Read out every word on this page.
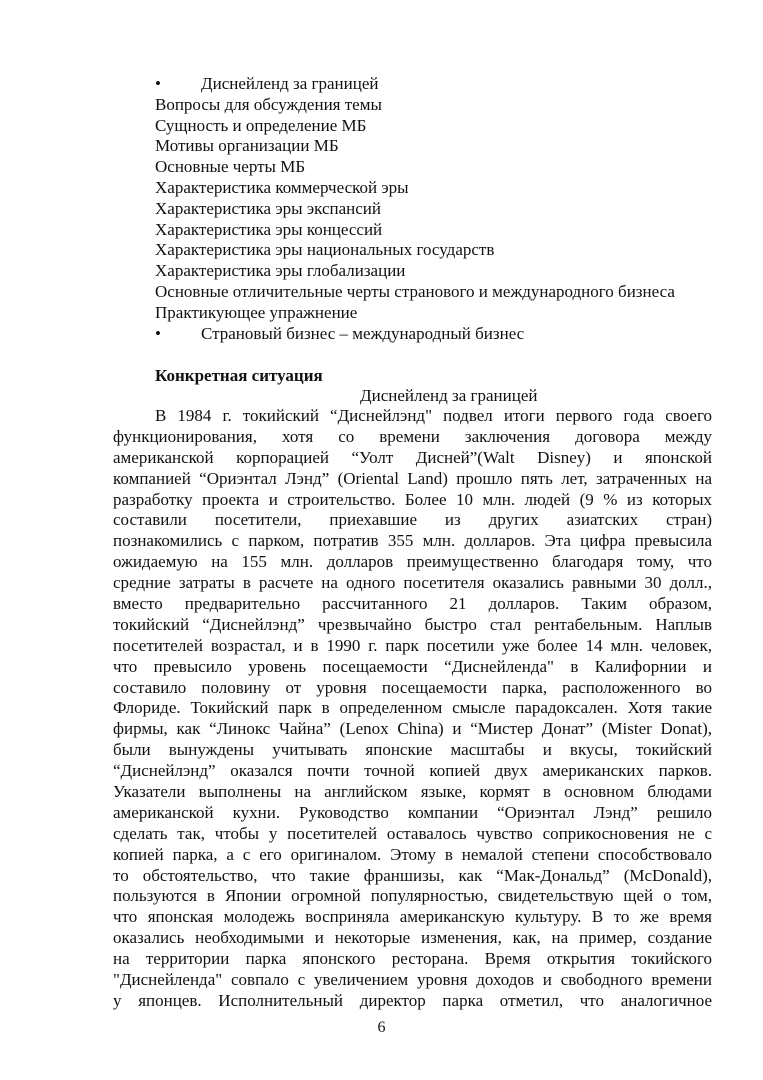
• Диснейленд за границей
Вопросы для обсуждения темы
Сущность и определение МБ
Мотивы организации МБ
Основные черты МБ
Характеристика коммерческой эры
Характеристика эры экспансий
Характеристика эры концессий
Характеристика эры национальных государств
Характеристика эры глобализации
Основные отличительные черты странового и международного бизнеса
Практикующее упражнение
• Страновый бизнес – международный бизнес
Конкретная ситуация
Диснейленд за границей
В 1984 г. токийский “Диснейлэнд" подвел итоги первого года своего
функционирования, хотя со времени заключения договора между
американской корпорацией “Уолт Дисней”(Walt Disney) и японской
компанией “Ориэнтал Лэнд” (Oriental Land) прошло пять лет, затраченных на
разработку проекта и строительство. Более 10 млн. людей (9 % из которых
составили посетители, приехавшие из других азиатских стран)
познакомились с парком, потратив 355 млн. долларов. Эта цифра превысила
ожидаемую на 155 млн. долларов преимущественно благодаря тому, что
средние затраты в расчете на одного посетителя оказались равными 30 долл.,
вместо предварительно рассчитанного 21 долларов. Таким образом,
токийский “Диснейлэнд” чрезвычайно быстро стал рентабельным. Наплыв
посетителей возрастал, и в 1990 г. парк посетили уже более 14 млн. человек,
что превысило уровень посещаемости “Диснейленда" в Калифорнии и
составило половину от уровня посещаемости парка, расположенного во
Флориде. Токийский парк в определенном смысле парадоксален. Хотя такие
фирмы, как “Линокс Чайна” (Lenox China) и “Мистер Донат” (Mister Donat),
были вынуждены учитывать японские масштабы и вкусы, токийский
“Диснейлэнд” оказался почти точной копией двух американских парков.
Указатели выполнены на английском языке, кормят в основном блюдами
американской кухни. Руководство компании “Ориэнтал Лэнд” решило
сделать так, чтобы у посетителей оставалось чувство соприкосновения не с
копией парка, а с его оригиналом. Этому в немалой степени способствовало
то обстоятельство, что такие франшизы, как “Мак-Дональд” (McDonald),
пользуются в Японии огромной популярностью, свидетельствую щей о том,
что японская молодежь восприняла американскую культуру. В то же время
оказались необходимыми и некоторые изменения, как, на пример, создание
на территории парка японского ресторана. Время открытия токийского
"Диснейленда" совпало с увеличением уровня доходов и свободного времени
у японцев. Исполнительный директор парка отметил, что аналогичное
6
